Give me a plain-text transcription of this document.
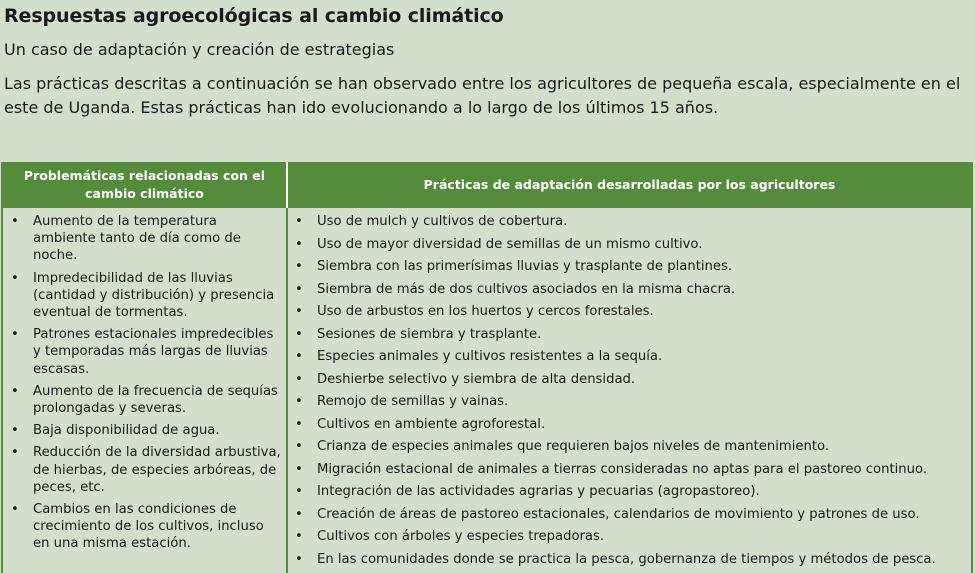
Respuestas agroecológicas al cambio climático
Un caso de adaptación y creación de estrategias
Las prácticas descritas a continuación se han observado entre los agricultores de pequeña escala, especialmente en el este de Uganda. Estas prácticas han ido evolucionando a lo largo de los últimos 15 años.
Problemáticas relacionadas con el cambio climático
Prácticas de adaptación desarrolladas por los agricultores
• Aumento de la temperatura ambiente tanto de día como de noche.
• Impredecibilidad de las lluvias (cantidad y distribución) y presencia eventual de tormentas.
• Patrones estacionales impredecibles y temporadas más largas de lluvias escasas.
• Aumento de la frecuencia de sequías prolongadas y severas.
• Baja disponibilidad de agua.
• Reducción de la diversidad arbustiva, de hierbas, de especies arbóreas, de peces, etc.
• Cambios en las condiciones de crecimiento de los cultivos, incluso en una misma estación.
• Uso de mulch y cultivos de cobertura.
• Uso de mayor diversidad de semillas de un mismo cultivo.
• Siembra con las primerísimas lluvias y trasplante de plantines.
• Siembra de más de dos cultivos asociados en la misma chacra.
• Uso de arbustos en los huertos y cercos forestales.
• Sesiones de siembra y trasplante.
• Especies animales y cultivos resistentes a la sequía.
• Deshierbe selectivo y siembra de alta densidad.
• Remojo de semillas y vainas.
• Cultivos en ambiente agroforestal.
• Crianza de especies animales que requieren bajos niveles de mantenimiento.
• Migración estacional de animales a tierras consideradas no aptas para el pastoreo continuo.
• Integración de las actividades agrarias y pecuarias (agropastoreo).
• Creación de áreas de pastoreo estacionales, calendarios de movimiento y patrones de uso.
• Cultivos con árboles y especies trepadoras.
• En las comunidades donde se practica la pesca, gobernanza de tiempos y métodos de pesca.
